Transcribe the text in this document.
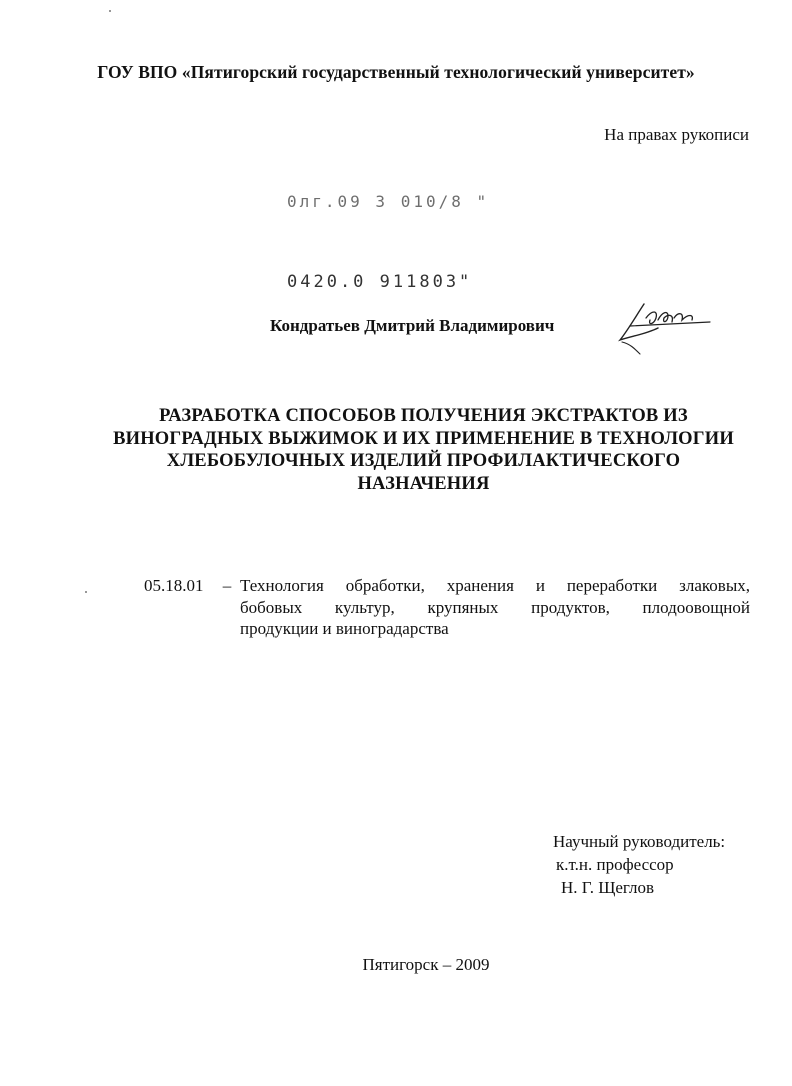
ГОУ ВПО «Пятигорский государственный технологический университет»
На правах рукописи
0лг.09 3 010/8 "
0420.0 911803"
Кондратьев Дмитрий Владимирович
РАЗРАБОТКА СПОСОБОВ ПОЛУЧЕНИЯ ЭКСТРАКТОВ ИЗ
ВИНОГРАДНЫХ ВЫЖИМОК И ИХ ПРИМЕНЕНИЕ В ТЕХНОЛОГИИ
ХЛЕБОБУЛОЧНЫХ ИЗДЕЛИЙ ПРОФИЛАКТИЧЕСКОГО
НАЗНАЧЕНИЯ
05.18.01	– Технология обработки, хранения и переработки злаковых,
бобовых культур, крупяных продуктов, плодоовощной
продукции и виноградарства
Научный руководитель:
к.т.н. профессор
Н. Г. Щеглов
Пятигорск – 2009
